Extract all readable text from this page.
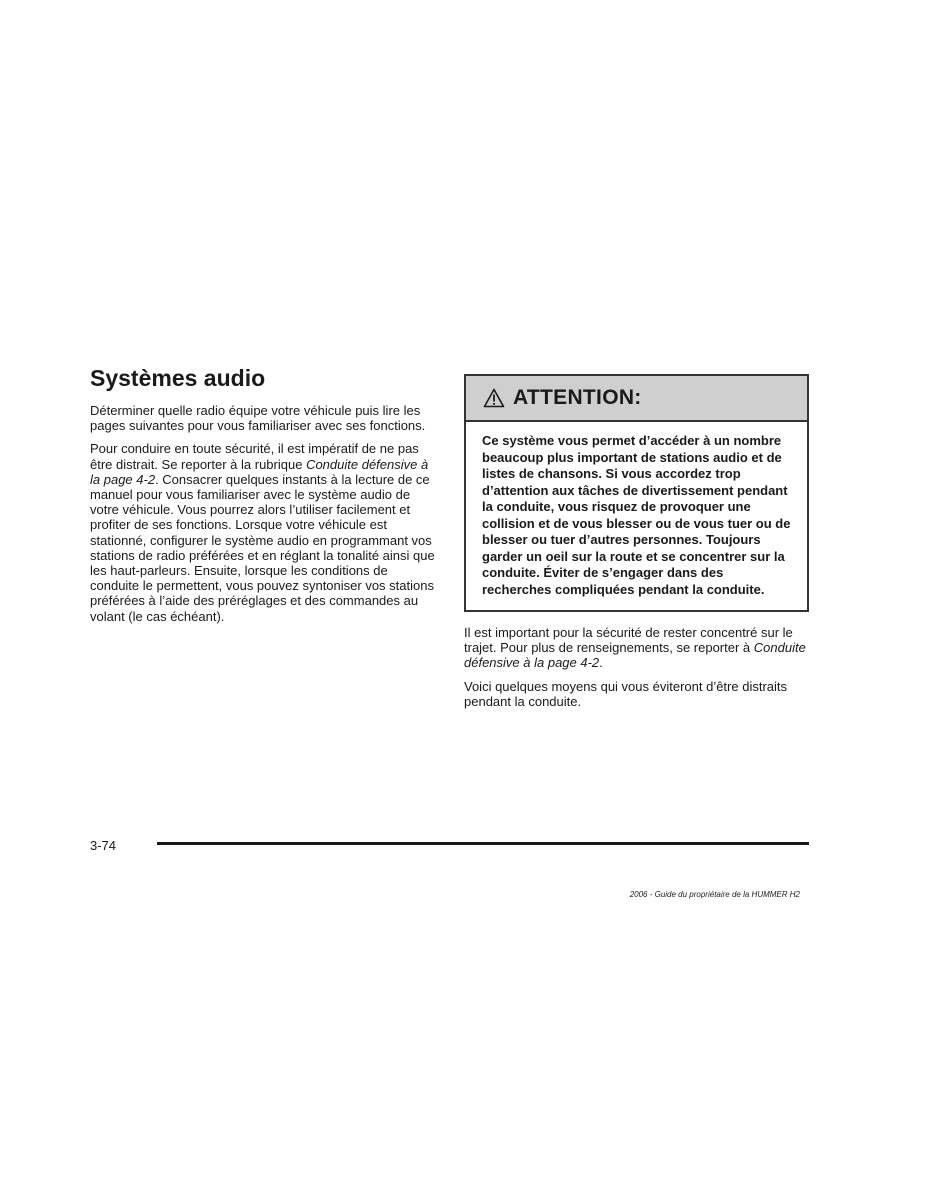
Systèmes audio

Déterminer quelle radio équipe votre véhicule puis lire les pages suivantes pour vous familiariser avec ses fonctions.

Pour conduire en toute sécurité, il est impératif de ne pas être distrait. Se reporter à la rubrique Conduite défensive à la page 4-2. Consacrer quelques instants à la lecture de ce manuel pour vous familiariser avec le système audio de votre véhicule. Vous pourrez alors l’utiliser facilement et profiter de ses fonctions. Lorsque votre véhicule est stationné, configurer le système audio en programmant vos stations de radio préférées et en réglant la tonalité ainsi que les haut-parleurs. Ensuite, lorsque les conditions de conduite le permettent, vous pouvez syntoniser vos stations préférées à l’aide des préréglages et des commandes au volant (le cas échéant).

ATTENTION:
Ce système vous permet d’accéder à un nombre beaucoup plus important de stations audio et de listes de chansons. Si vous accordez trop d’attention aux tâches de divertissement pendant la conduite, vous risquez de provoquer une collision et de vous blesser ou de vous tuer ou de blesser ou tuer d’autres personnes. Toujours garder un oeil sur la route et se concentrer sur la conduite. Éviter de s’engager dans des recherches compliquées pendant la conduite.

Il est important pour la sécurité de rester concentré sur le trajet. Pour plus de renseignements, se reporter à Conduite défensive à la page 4-2.

Voici quelques moyens qui vous éviteront d’être distraits pendant la conduite.

3-74
2006 - Guide du propriétaire de la HUMMER H2
